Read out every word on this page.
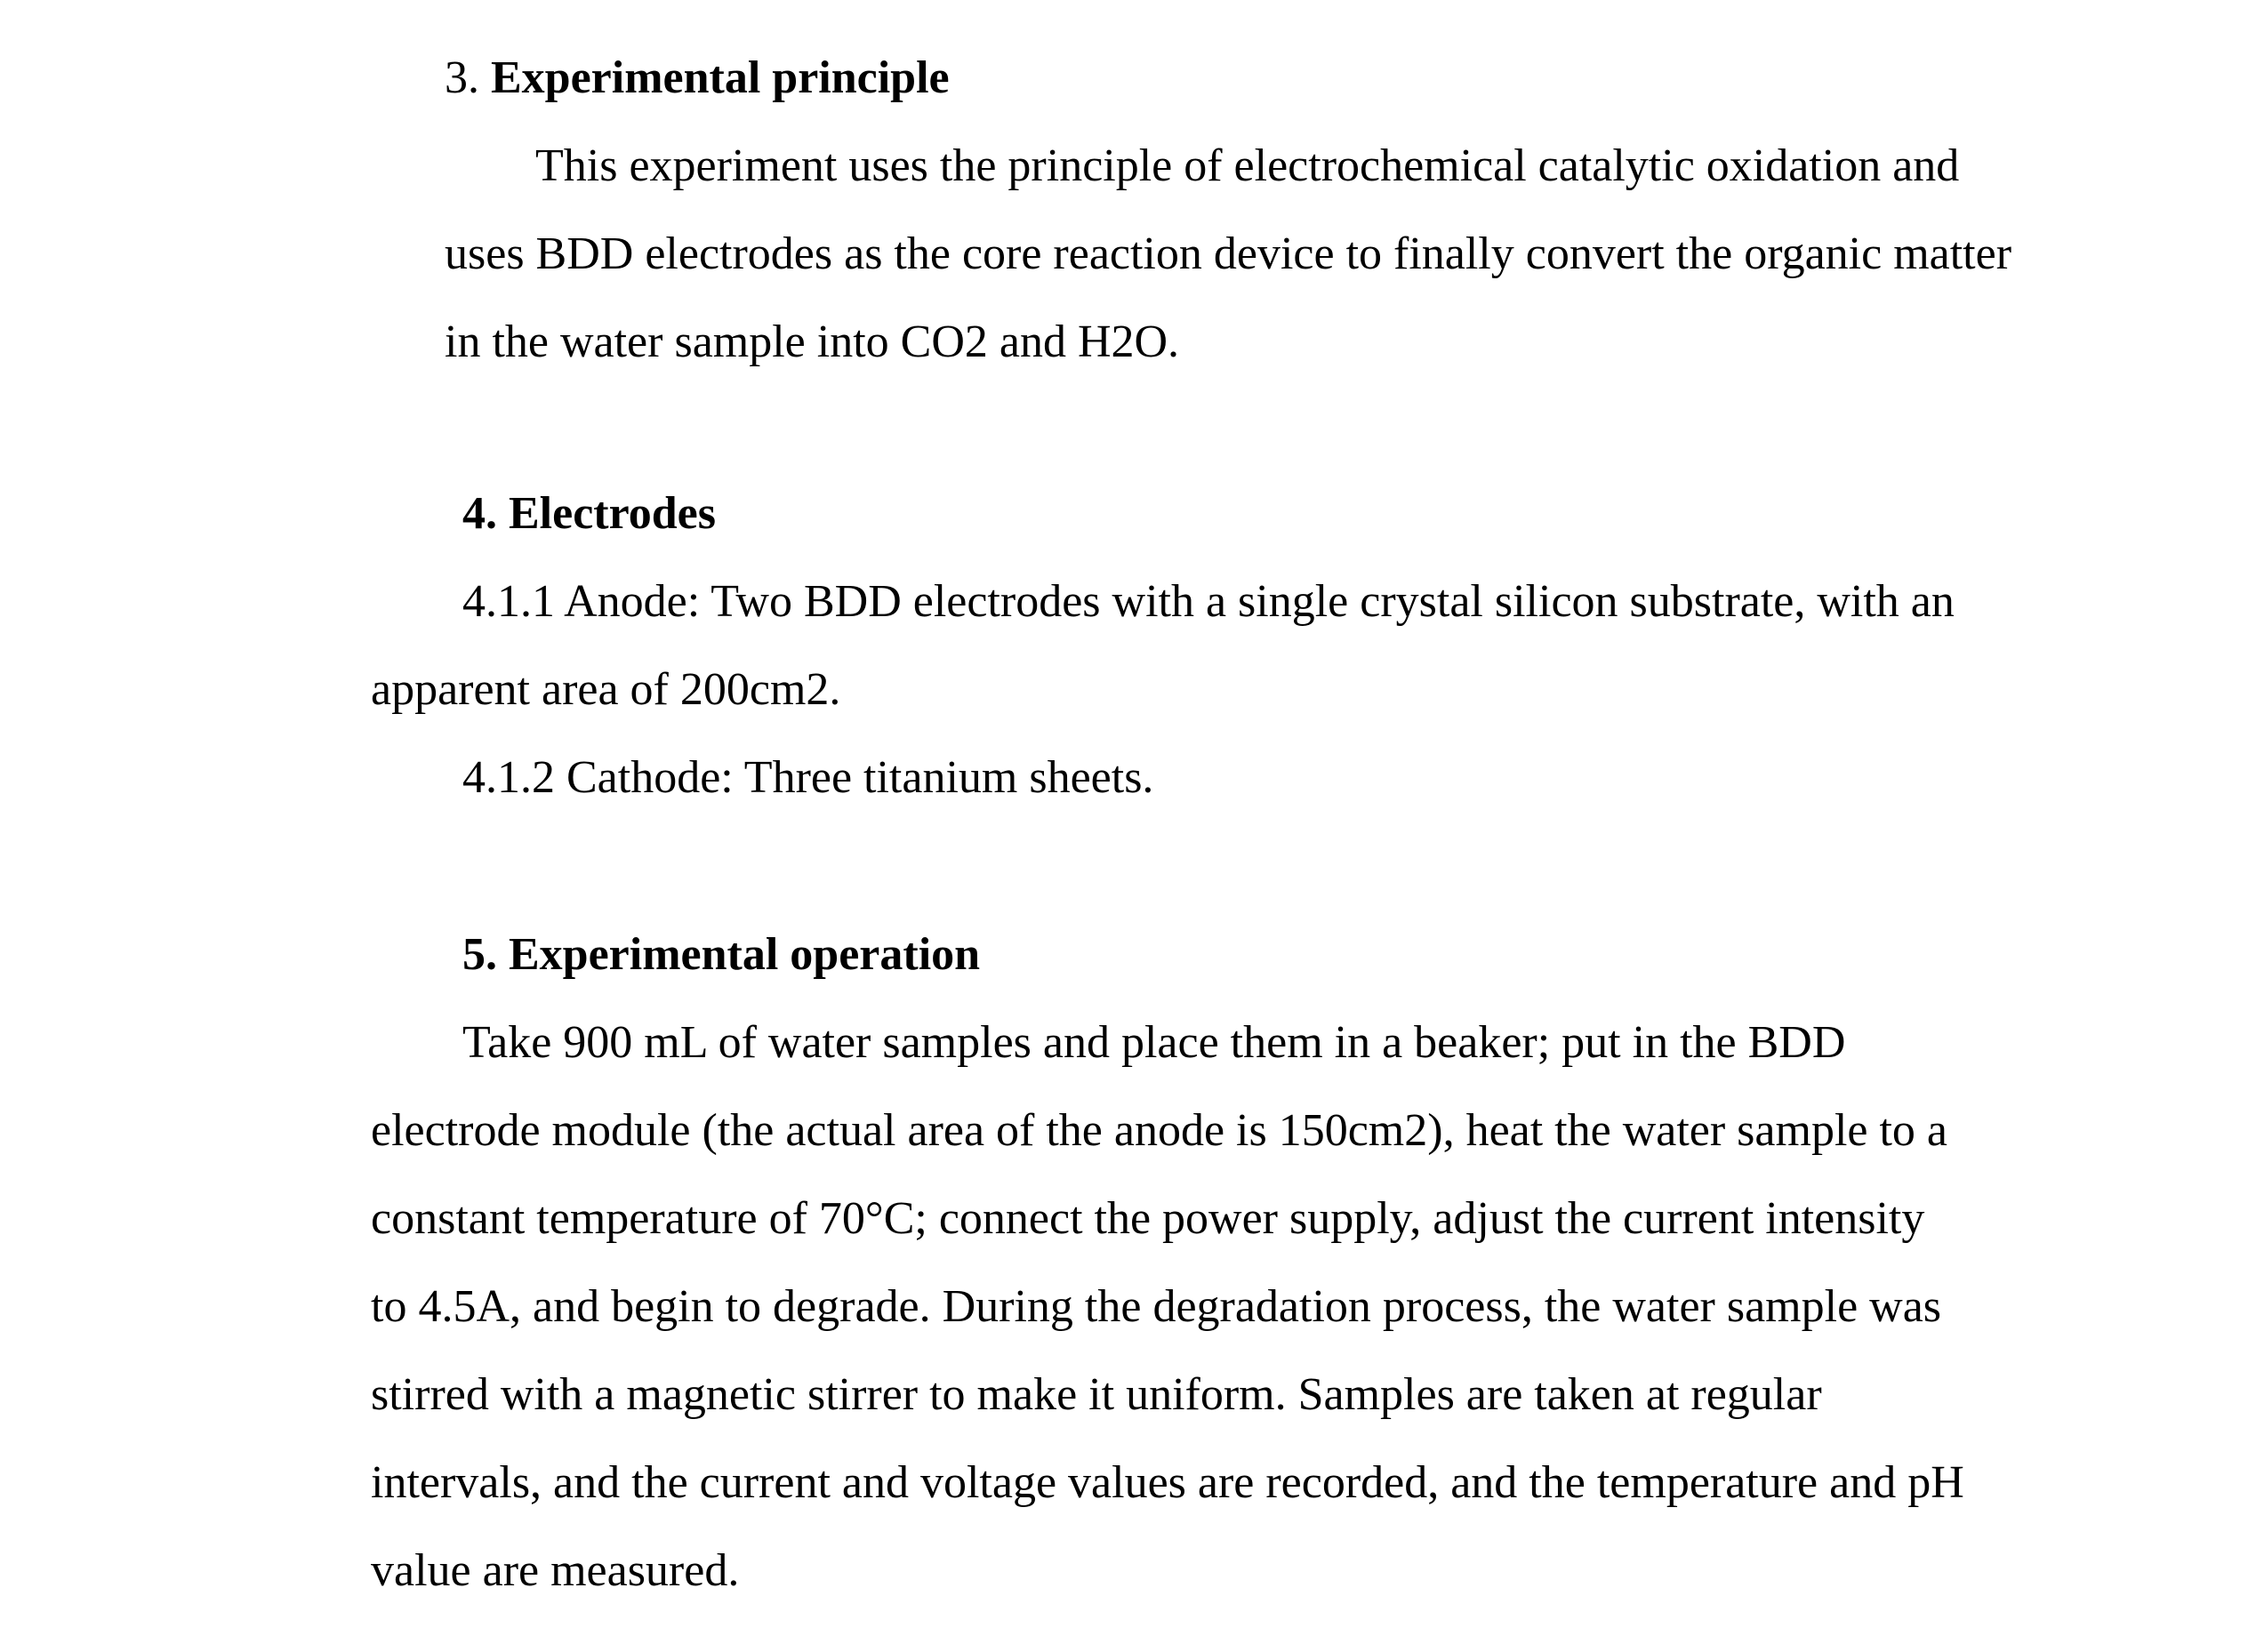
3. Experimental principle
This experiment uses the principle of electrochemical catalytic oxidation and
uses BDD electrodes as the core reaction device to finally convert the organic matter
in the water sample into CO2 and H2O.
4. Electrodes
4.1.1 Anode: Two BDD electrodes with a single crystal silicon substrate, with an
apparent area of 200cm2.
4.1.2 Cathode: Three titanium sheets.
5. Experimental operation
Take 900 mL of water samples and place them in a beaker; put in the BDD
electrode module (the actual area of the anode is 150cm2), heat the water sample to a
constant temperature of 70°C; connect the power supply, adjust the current intensity
to 4.5A, and begin to degrade. During the degradation process, the water sample was
stirred with a magnetic stirrer to make it uniform. Samples are taken at regular
intervals, and the current and voltage values are recorded, and the temperature and pH
value are measured.
